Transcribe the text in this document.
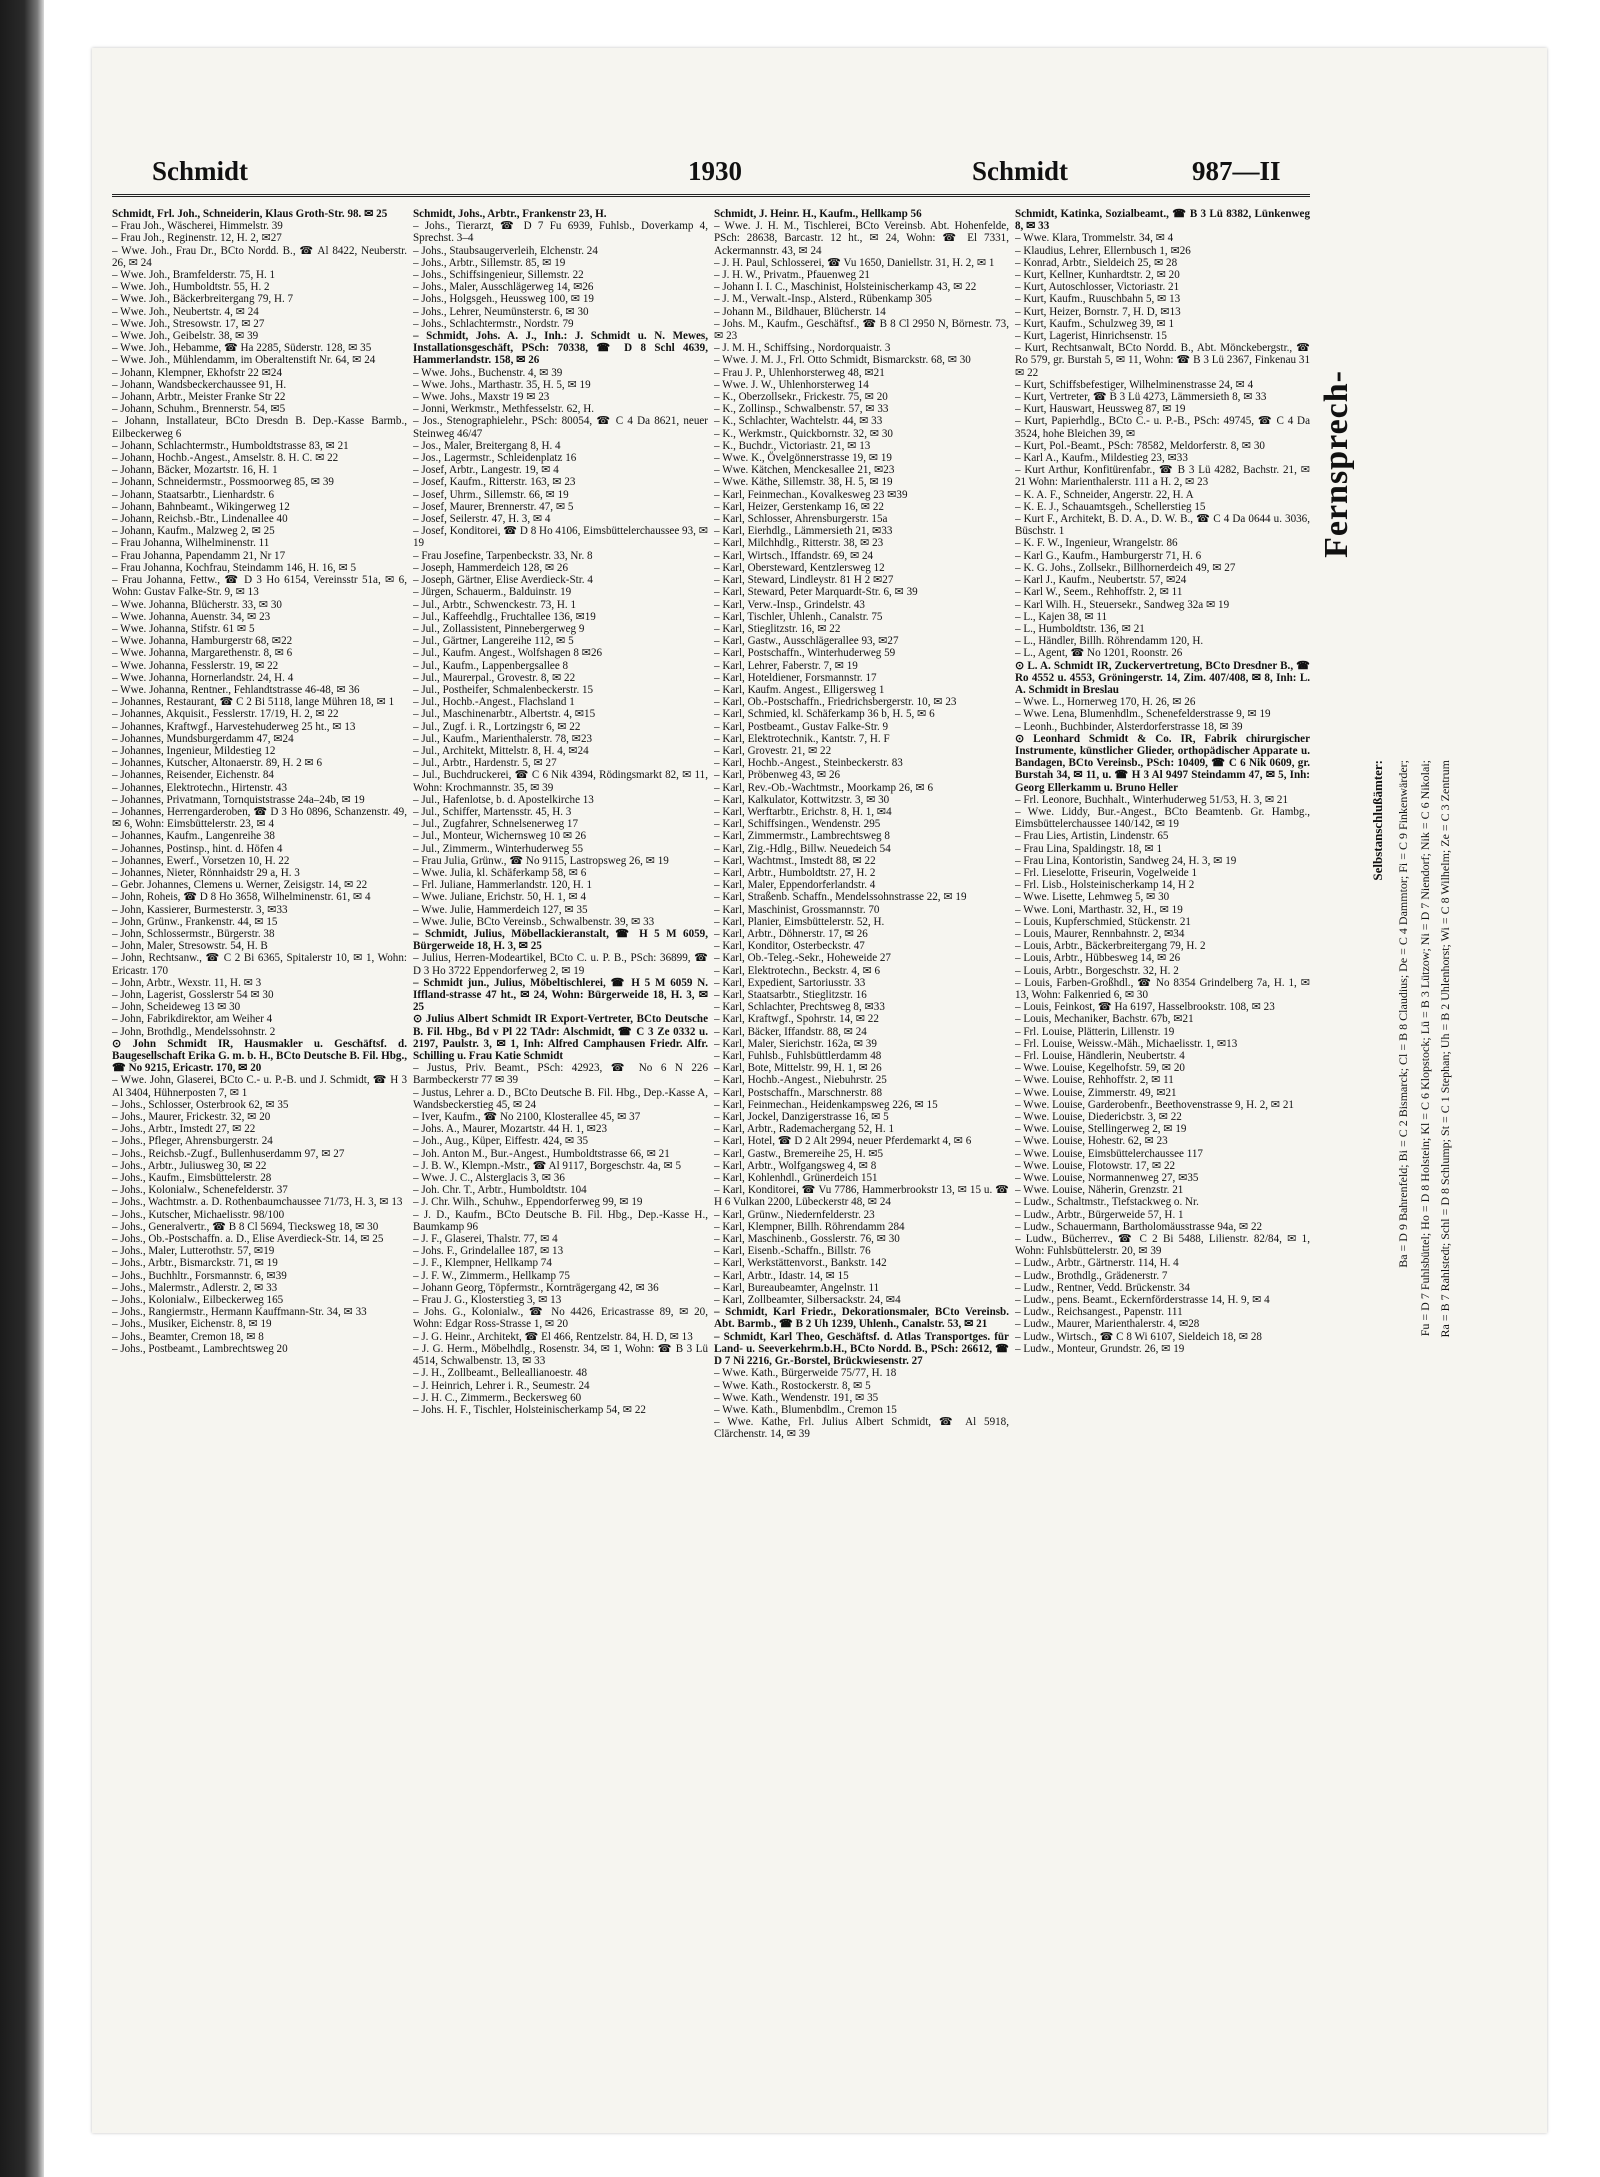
Schmidt	1930	Schmidt	987—II

Schmidt, Frl. Joh., Schneiderin, Klaus Groth-Str. 98. ✉ 25

– Frau Joh., Wäscherei, Himmelstr. 39

– Frau Joh., Reginenstr. 12, H. 2, ✉27

– Wwe. Joh., Frau Dr., BCto Nordd. B., ☎ Al 8422, Neuberstr. 26, ✉ 24

– Wwe. Joh., Bramfelderstr. 75, H. 1

– Wwe. Joh., Humboldtstr. 55, H. 2

– Wwe. Joh., Bäckerbreitergang 79, H. 7

– Wwe. Joh., Neubertstr. 4, ✉ 24

– Wwe. Joh., Stresowstr. 17, ✉ 27

– Wwe. Joh., Geibelstr. 38, ✉ 39

– Wwe. Joh., Hebamme, ☎ Ha 2285, Süderstr. 128, ✉ 35

– Wwe. Joh., Mühlendamm, im Oberaltenstift Nr. 64, ✉ 24

– Johann, Klempner, Ekhofstr 22 ✉24

– Johann, Wandsbeckerchaussee 91, H.

– Johann, Arbtr., Meister Franke Str 22

– Johann, Schuhm., Brennerstr. 54, ✉5

– Johann, Installateur, BCto Dresdn B. Dep.-Kasse Barmb., Eilbeckerweg 6

– Johann, Schlachtermstr., Humboldtstrasse 83, ✉ 21

– Johann, Hochb.-Angest., Amselstr. 8. H. C. ✉ 22

– Johann, Bäcker, Mozartstr. 16, H. 1

– Johann, Schneidermstr., Possmoorweg 85, ✉ 39

– Johann, Staatsarbtr., Lienhardstr. 6

– Johann, Bahnbeamt., Wikingerweg 12

– Johann, Reichsb.-Btr., Lindenallee 40

– Johann, Kaufm., Malzweg 2, ✉ 25

– Frau Johanna, Wilhelminenstr. 11

– Frau Johanna, Papendamm 21, Nr 17

– Frau Johanna, Kochfrau, Steindamm 146, H. 16, ✉ 5

– Frau Johanna, Fettw., ☎ D 3 Ho 6154, Vereinsstr 51a, ✉ 6, Wohn: Gustav Falke-Str. 9, ✉ 13

– Wwe. Johanna, Blücherstr. 33, ✉ 30

– Wwe. Johanna, Auenstr. 34, ✉ 23

– Wwe. Johanna, Stifstr. 61 ✉ 5

– Wwe. Johanna, Hamburgerstr 68, ✉22

– Wwe. Johanna, Margarethenstr. 8, ✉ 6

– Wwe. Johanna, Fesslerstr. 19, ✉ 22

– Wwe. Johanna, Hornerlandstr. 24, H. 4

– Wwe. Johanna, Rentner., Fehlandtstrasse 46-48, ✉ 36

– Johannes, Restaurant, ☎ C 2 Bi 5118, lange Mühren 18, ✉ 1

– Johannes, Akquisit., Fesslerstr. 17/19, H. 2, ✉ 22

– Johannes, Kraftwgf., Harvestehuderweg 25 ht., ✉ 13

– Johannes, Mundsburgerdamm 47, ✉24

– Johannes, Ingenieur, Mildestieg 12

– Johannes, Kutscher, Altonaerstr. 89, H. 2 ✉ 6

– Johannes, Reisender, Eichenstr. 84

– Johannes, Elektrotechn., Hirtenstr. 43

– Johannes, Privatmann, Tornquiststrasse 24a–24b, ✉ 19

– Johannes, Herrengarderoben, ☎ D 3 Ho 0896, Schanzenstr. 49, ✉ 6, Wohn: Eimsbüttelerstr. 23, ✉ 4

– Johannes, Kaufm., Langenreihe 38

– Johannes, Postinsp., hint. d. Höfen 4

– Johannes, Ewerf., Vorsetzen 10, H. 22

– Johannes, Nieter, Rönnhaidstr 29 a, H. 3

– Gebr. Johannes, Clemens u. Werner, Zeisigstr. 14, ✉ 22

– John, Roheis, ☎ D 8 Ho 3658, Wilhelminenstr. 61, ✉ 4

– John, Kassierer, Burmesterstr. 3, ✉33

– John, Grünw., Frankenstr. 44, ✉ 15

– John, Schlossermstr., Bürgerstr. 38

– John, Maler, Stresowstr. 54, H. B

– John, Rechtsanw., ☎ C 2 Bi 6365, Spitalerstr 10, ✉ 1, Wohn: Ericastr. 170

– John, Arbtr., Wexstr. 11, H. ✉ 3

– John, Lagerist, Gosslerstr 54 ✉ 30

– John, Scheideweg 13 ✉ 30

– John, Fabrikdirektor, am Weiher 4

– John, Brothdlg., Mendelssohnstr. 2

⊙ John Schmidt IR, Hausmakler u. Geschäftsf. d. Baugesellschaft Erika G. m. b. H., BCto Deutsche B. Fil. Hbg., ☎ No 9215, Ericastr. 170, ✉ 20

– Wwe. John, Glaserei, BCto C.- u. P.-B. und J. Schmidt, ☎ H 3 Al 3404, Hühnerposten 7, ✉ 1

– Johs., Schlosser, Osterbrook 62, ✉ 35

– Johs., Maurer, Frickestr. 32, ✉ 20

– Johs., Arbtr., Imstedt 27, ✉ 22

– Johs., Pfleger, Ahrensburgerstr. 24

– Johs., Reichsb.-Zugf., Bullenhuserdamm 97, ✉ 27

– Johs., Arbtr., Juliusweg 30, ✉ 22

– Johs., Kaufm., Eimsbüttelerstr. 28

– Johs., Kolonialw., Schenefelderstr. 37

– Johs., Wachtmstr. a. D. Rothenbaumchaussee 71/73, H. 3, ✉ 13

– Johs., Kutscher, Michaelisstr. 98/100

– Johs., Generalvertr., ☎ B 8 Cl 5694, Tiecksweg 18, ✉ 30

– Johs., Ob.-Postschaffn. a. D., Elise Averdieck-Str. 14, ✉ 25

– Johs., Maler, Lutterothstr. 57, ✉19

– Johs., Arbtr., Bismarckstr. 71, ✉ 19

– Johs., Buchhltr., Forsmannstr. 6, ✉39

– Johs., Malermstr., Adlerstr. 2, ✉ 33

– Johs., Kolonialw., Eilbeckerweg 165

– Johs., Rangiermstr., Hermann Kauffmann-Str. 34, ✉ 33

– Johs., Musiker, Eichenstr. 8, ✉ 19

– Johs., Beamter, Cremon 18, ✉ 8

– Johs., Postbeamt., Lambrechtsweg 20

Schmidt, Johs., Arbtr., Frankenstr 23, H.

– Johs., Tierarzt, ☎ D 7 Fu 6939, Fuhlsb., Doverkamp 4, Sprechst. 3–4

– Johs., Staubsaugerverleih, Elchenstr. 24

– Johs., Arbtr., Sillemstr. 85, ✉ 19

– Johs., Schiffsingenieur, Sillemstr. 22

– Johs., Maler, Ausschlägerweg 14, ✉26

– Johs., Holgsgeh., Heussweg 100, ✉ 19

– Johs., Lehrer, Neumünsterstr. 6, ✉ 30

– Johs., Schlachtermstr., Nordstr. 79

– Schmidt, Johs. A. J., Inh.: J. Schmidt u. N. Mewes, Installationsgeschäft, PSch: 70338, ☎ D 8 Schl 4639, Hammerlandstr. 158, ✉ 26

– Wwe. Johs., Buchenstr. 4, ✉ 39

– Wwe. Johs., Marthastr. 35, H. 5, ✉ 19

– Wwe. Johs., Maxstr 19 ✉ 23

– Jonni, Werkmstr., Methfesselstr. 62, H.

– Jos., Stenographielehr., PSch: 80054, ☎ C 4 Da 8621, neuer Steinweg 46/47

– Jos., Maler, Breitergang 8, H. 4

– Jos., Lagermstr., Schleidenplatz 16

– Josef, Arbtr., Langestr. 19, ✉ 4

– Josef, Kaufm., Ritterstr. 163, ✉ 23

– Josef, Uhrm., Sillemstr. 66, ✉ 19

– Josef, Maurer, Brennerstr. 47, ✉ 5

– Josef, Seilerstr. 47, H. 3, ✉ 4

– Josef, Konditorei, ☎ D 8 Ho 4106, Eimsbüttelerchaussee 93, ✉ 19

– Frau Josefine, Tarpenbeckstr. 33, Nr. 8

– Joseph, Hammerdeich 128, ✉ 26

– Joseph, Gärtner, Elise Averdieck-Str. 4

– Jürgen, Schauerm., Balduinstr. 19

– Jul., Arbtr., Schwenckestr. 73, H. 1

– Jul., Kaffeehdlg., Fruchtallee 136, ✉19

– Jul., Zollassistent, Pinnebergerweg 9

– Jul., Gärtner, Langereihe 112, ✉ 5

– Jul., Kaufm. Angest., Wolfshagen 8 ✉26

– Jul., Kaufm., Lappenbergsallee 8

– Jul., Maurerpal., Grovestr. 8, ✉ 22

– Jul., Postheifer, Schmalenbeckerstr. 15

– Jul., Hochb.-Angest., Flachsland 1

– Jul., Maschinenarbtr., Albertstr. 4, ✉15

– Jul., Zugf. i. R., Lortzingstr 6, ✉ 22

– Jul., Kaufm., Marienthalerstr. 78, ✉23

– Jul., Architekt, Mittelstr. 8, H. 4, ✉24

– Jul., Arbtr., Hardenstr. 5, ✉ 27

– Jul., Buchdruckerei, ☎ C 6 Nik 4394, Rödingsmarkt 82, ✉ 11, Wohn: Krochmannstr. 35, ✉ 39

– Jul., Hafenlotse, b. d. Apostelkirche 13

– Jul., Schiffer, Martensstr. 45, H. 3

– Jul., Zugfahrer, Schnelsenerweg 17

– Jul., Monteur, Wichernsweg 10 ✉ 26

– Jul., Zimmerm., Winterhuderweg 55

– Frau Julia, Grünw., ☎ No 9115, Lastropsweg 26, ✉ 19

– Wwe. Julia, kl. Schäferkamp 58, ✉ 6

– Frl. Juliane, Hammerlandstr. 120, H. 1

– Wwe. Juliane, Erichstr. 50, H. 1, ✉ 4

– Wwe. Julie, Hammerdeich 127, ✉ 35

– Wwe. Julie, BCto Vereinsb., Schwalbenstr. 39, ✉ 33

– Schmidt, Julius, Möbellackieranstalt, ☎ H 5 M 6059, Bürgerweide 18, H. 3, ✉ 25

– Julius, Herren-Modeartikel, BCto C. u. P. B., PSch: 36899, ☎ D 3 Ho 3722 Eppendorferweg 2, ✉ 19

– Schmidt jun., Julius, Möbeltischlerei, ☎ H 5 M 6059 N. Iffland-strasse 47 ht., ✉ 24, Wohn: Bürgerweide 18, H. 3, ✉ 25

⊙ Julius Albert Schmidt IR Export-Vertreter, BCto Deutsche B. Fil. Hbg., Bd v Pl 22 TAdr: Alschmidt, ☎ C 3 Ze 0332 u. 2197, Paulstr. 3, ✉ 1, Inh: Alfred Camphausen Friedr. Alfr. Schilling u. Frau Katie Schmidt

– Justus, Priv. Beamt., PSch: 42923, ☎ No 6 N 226 Barmbeckerstr 77 ✉ 39

– Justus, Lehrer a. D., BCto Deutsche B. Fil. Hbg., Dep.-Kasse A, Wandsbeckerstieg 45, ✉ 24

– Iver, Kaufm., ☎ No 2100, Klosterallee 45, ✉ 37

– Johs. A., Maurer, Mozartstr. 44 H. 1, ✉23

– Joh., Aug., Küper, Eiffestr. 424, ✉ 35

– Joh. Anton M., Bur.-Angest., Humboldtstrasse 66, ✉ 21

– J. B. W., Klempn.-Mstr., ☎ Al 9117, Borgeschstr. 4a, ✉ 5

– Wwe. J. C., Alsterglacis 3, ✉ 36

– Joh. Chr. T., Arbtr., Humboldtstr. 104

– J. Chr. Wilh., Schuhw., Eppendorferweg 99, ✉ 19

– J. D., Kaufm., BCto Deutsche B. Fil. Hbg., Dep.-Kasse H., Baumkamp 96

– J. F., Glaserei, Thalstr. 77, ✉ 4

– Johs. F., Grindelallee 187, ✉ 13

– J. F., Klempner, Hellkamp 74

– J. F. W., Zimmerm., Hellkamp 75

– Johann Georg, Töpfermstr., Kornträgergang 42, ✉ 36

– Frau J. G., Klosterstieg 3, ✉ 13

– Johs. G., Kolonialw., ☎ No 4426, Ericastrasse 89, ✉ 20, Wohn: Edgar Ross-Strasse 1, ✉ 20

– J. G. Heinr., Architekt, ☎ El 466, Rentzelstr. 84, H. D, ✉ 13

– J. G. Herm., Möbelhdlg., Rosenstr. 34, ✉ 1, Wohn: ☎ B 3 Lü 4514, Schwalbenstr. 13, ✉ 33

– J. H., Zollbeamt., Belleallianoestr. 48

– J. Heinrich, Lehrer i. R., Seumestr. 24

– J. H. C., Zimmerm., Beckersweg 60

– Johs. H. F., Tischler, Holsteinischerkamp 54, ✉ 22

Schmidt, J. Heinr. H., Kaufm., Hellkamp 56

– Wwe. J. H. M., Tischlerei, BCto Vereinsb. Abt. Hohenfelde, PSch: 28638, Barcastr. 12 ht., ✉ 24, Wohn: ☎ El 7331, Ackermannstr. 43, ✉ 24

– J. H. Paul, Schlosserei, ☎ Vu 1650, Daniellstr. 31, H. 2, ✉ 1

– J. H. W., Privatm., Pfauenweg 21

– Johann I. I. C., Maschinist, Holsteinischerkamp 43, ✉ 22

– J. M., Verwalt.-Insp., Alsterd., Rübenkamp 305

– Johann M., Bildhauer, Blücherstr. 14

– Johs. M., Kaufm., Geschäftsf., ☎ B 8 Cl 2950 N, Börnestr. 73, ✉ 23

– J. M. H., Schiffsing., Nordorquaistr. 3

– Wwe. J. M. J., Frl. Otto Schmidt, Bismarckstr. 68, ✉ 30

– Frau J. P., Uhlenhorsterweg 48, ✉21

– Wwe. J. W., Uhlenhorsterweg 14

– K., Oberzollsekr., Frickestr. 75, ✉ 20

– K., Zollinsp., Schwalbenstr. 57, ✉ 33

– K., Schlachter, Wachtelstr. 44, ✉ 33

– K., Werkmstr., Quickbornstr. 32, ✉ 30

– K., Buchdr., Victoriastr. 21, ✉ 13

– Wwe. K., Övelgönnerstrasse 19, ✉ 19

– Wwe. Kätchen, Menckesallee 21, ✉23

– Wwe. Käthe, Sillemstr. 38, H. 5, ✉ 19

– Karl, Feinmechan., Kovalkesweg 23 ✉39

– Karl, Heizer, Gerstenkamp 16, ✉ 22

– Karl, Schlosser, Ahrensburgerstr. 15a

– Karl, Eierhdlg., Lämmersieth 21, ✉33

– Karl, Milchhdlg., Ritterstr. 38, ✉ 23

– Karl, Wirtsch., Iffandstr. 69, ✉ 24

– Karl, Obersteward, Kentzlersweg 12

– Karl, Steward, Lindleystr. 81 H 2 ✉27

– Karl, Steward, Peter Marquardt-Str. 6, ✉ 39

– Karl, Verw.-Insp., Grindelstr. 43

– Karl, Tischler, Uhlenh., Canalstr. 75

– Karl, Stieglitzstr. 16, ✉ 22

– Karl, Gastw., Ausschlägerallee 93, ✉27

– Karl, Postschaffn., Winterhuderweg 59

– Karl, Lehrer, Faberstr. 7, ✉ 19

– Karl, Hoteldiener, Forsmannstr. 17

– Karl, Kaufm. Angest., Elligersweg 1

– Karl, Ob.-Postschaffn., Friedrichsbergerstr. 10, ✉ 23

– Karl, Schmied, kl. Schäferkamp 36 b, H. 5, ✉ 6

– Karl, Postbeamt., Gustav Falke-Str. 9

– Karl, Elektrotechnik., Kantstr. 7, H. F

– Karl, Grovestr. 21, ✉ 22

– Karl, Hochb.-Angest., Steinbeckerstr. 83

– Karl, Pröbenweg 43, ✉ 26

– Karl, Rev.-Ob.-Wachtmstr., Moorkamp 26, ✉ 6

– Karl, Kalkulator, Kottwitzstr. 3, ✉ 30

– Karl, Werftarbtr., Erichstr. 8, H. 1, ✉4

– Karl, Schiffsingen., Wendenstr. 295

– Karl, Zimmermstr., Lambrechtsweg 8

– Karl, Zig.-Hdlg., Billw. Neuedeich 54

– Karl, Wachtmst., Imstedt 88, ✉ 22

– Karl, Arbtr., Humboldtstr. 27, H. 2

– Karl, Maler, Eppendorferlandstr. 4

– Karl, Straßenb. Schaffn., Mendelssohnstrasse 22, ✉ 19

– Karl, Maschinist, Grossmannstr. 70

– Karl, Planier, Eimsbüttelerstr. 52, H.

– Karl, Arbtr., Döhnerstr. 17, ✉ 26

– Karl, Konditor, Osterbeckstr. 47

– Karl, Ob.-Teleg.-Sekr., Hoheweide 27

– Karl, Elektrotechn., Beckstr. 4, ✉ 6

– Karl, Expedient, Sartoriusstr. 33

– Karl, Staatsarbtr., Stieglitzstr. 16

– Karl, Schlachter, Prechtsweg 8, ✉33

– Karl, Kraftwgf., Spohrstr. 14, ✉ 22

– Karl, Bäcker, Iffandstr. 88, ✉ 24

– Karl, Maler, Sierichstr. 162a, ✉ 39

– Karl, Fuhlsb., Fuhlsbüttlerdamm 48

– Karl, Bote, Mittelstr. 99, H. 1, ✉ 26

– Karl, Hochb.-Angest., Niebuhrstr. 25

– Karl, Postschaffn., Marschnerstr. 88

– Karl, Feinmechan., Heidenkampsweg 226, ✉ 15

– Karl, Jockel, Danzigerstrasse 16, ✉ 5

– Karl, Arbtr., Rademachergang 52, H. 1

– Karl, Hotel, ☎ D 2 Alt 2994, neuer Pferdemarkt 4, ✉ 6

– Karl, Gastw., Bremereihe 25, H. ✉5

– Karl, Arbtr., Wolfgangsweg 4, ✉ 8

– Karl, Kohlenhdl., Grünerdeich 151

– Karl, Konditorei, ☎ Vu 7786, Hammerbrookstr 13, ✉ 15 u. ☎ H 6 Vulkan 2200, Lübeckerstr 48, ✉ 24

– Karl, Grünw., Niedernfelderstr. 23

– Karl, Klempner, Billh. Röhrendamm 284

– Karl, Maschinenb., Gosslerstr. 76, ✉ 30

– Karl, Eisenb.-Schaffn., Billstr. 76

– Karl, Werkstättenvorst., Bankstr. 142

– Karl, Arbtr., Idastr. 14, ✉ 15

– Karl, Bureaubeamter, Angelnstr. 11

– Karl, Zollbeamter, Silbersackstr. 24, ✉4

– Schmidt, Karl Friedr., Dekorationsmaler, BCto Vereinsb. Abt. Barmb., ☎ B 2 Uh 1239, Uhlenh., Canalstr. 53, ✉ 21

– Schmidt, Karl Theo, Geschäftsf. d. Atlas Transportges. für Land- u. Seeverkehrm.b.H., BCto Nordd. B., PSch: 26612, ☎ D 7 Ni 2216, Gr.-Borstel, Brückwiesenstr. 27

– Wwe. Kath., Bürgerweide 75/77, H. 18

– Wwe. Kath., Rostockerstr. 8, ✉ 5

– Wwe. Kath., Wendenstr. 191, ✉ 35

– Wwe. Kath., Blumenbdlm., Cremon 15

– Wwe. Kathe, Frl. Julius Albert Schmidt, ☎ Al 5918, Clärchenstr. 14, ✉ 39

Schmidt, Katinka, Sozialbeamt., ☎ B 3 Lü 8382, Lünkenweg 8, ✉ 33

– Wwe. Klara, Trommelstr. 34, ✉ 4

– Klaudius, Lehrer, Ellernbusch 1, ✉26

– Konrad, Arbtr., Sieldeich 25, ✉ 28

– Kurt, Kellner, Kunhardtstr. 2, ✉ 20

– Kurt, Autoschlosser, Victoriastr. 21

– Kurt, Kaufm., Ruuschbahn 5, ✉ 13

– Kurt, Heizer, Bornstr. 7, H. D, ✉13

– Kurt, Kaufm., Schulzweg 39, ✉ 1

– Kurt, Lagerist, Hinrichsenstr. 15

– Kurt, Rechtsanwalt, BCto Nordd. B., Abt. Mönckebergstr., ☎ Ro 579, gr. Burstah 5, ✉ 11, Wohn: ☎ B 3 Lü 2367, Finkenau 31 ✉ 22

– Kurt, Schiffsbefestiger, Wilhelminenstrasse 24, ✉ 4

– Kurt, Vertreter, ☎ B 3 Lü 4273, Lämmersieth 8, ✉ 33

– Kurt, Hauswart, Heussweg 87, ✉ 19

– Kurt, Papierhdlg., BCto C.- u. P.-B., PSch: 49745, ☎ C 4 Da 3524, hohe Bleichen 39, ✉

– Kurt, Pol.-Beamt., PSch: 78582, Meldorferstr. 8, ✉ 30

– Karl A., Kaufm., Mildestieg 23, ✉33

– Kurt Arthur, Konfitürenfabr., ☎ B 3 Lü 4282, Bachstr. 21, ✉ 21 Wohn: Marienthalerstr. 111 a H. 2, ✉ 23

– K. A. F., Schneider, Angerstr. 22, H. A

– K. E. J., Schauamtsgeh., Schellerstieg 15

– Kurt F., Architekt, B. D. A., D. W. B., ☎ C 4 Da 0644 u. 3036, Büschstr. 1

– K. F. W., Ingenieur, Wrangelstr. 86

– Karl G., Kaufm., Hamburgerstr 71, H. 6

– K. G. Johs., Zollsekr., Billhornerdeich 49, ✉ 27

– Karl J., Kaufm., Neubertstr. 57, ✉24

– Karl W., Seem., Rehhoffstr. 2, ✉ 11

– Karl Wilh. H., Steuersekr., Sandweg 32a ✉ 19

– L., Kajen 38, ✉ 11

– L., Humboldtstr. 136, ✉ 21

– L., Händler, Billh. Röhrendamm 120, H.

– L., Agent, ☎ No 1201, Roonstr. 26

⊙ L. A. Schmidt IR, Zuckervertretung, BCto Dresdner B., ☎ Ro 4552 u. 4553, Gröningerstr. 14, Zim. 407/408, ✉ 8, Inh: L. A. Schmidt in Breslau

– Wwe. L., Hornerweg 170, H. 26, ✉ 26

– Wwe. Lena, Blumenhdlm., Schenefelderstrasse 9, ✉ 19

– Leonh., Buchbinder, Alsterdorferstrasse 18, ✉ 39

⊙ Leonhard Schmidt & Co. IR, Fabrik chirurgischer Instrumente, künstlicher Glieder, orthopädischer Apparate u. Bandagen, BCto Vereinsb., PSch: 10409, ☎ C 6 Nik 0609, gr. Burstah 34, ✉ 11, u. ☎ H 3 Al 9497 Steindamm 47, ✉ 5, Inh: Georg Ellerkamm u. Bruno Heller

– Frl. Leonore, Buchhalt., Winterhuderweg 51/53, H. 3, ✉ 21

– Wwe. Liddy, Bur.-Angest., BCto Beamtenb. Gr. Hambg., Eimsbüttelerchaussee 140/142, ✉ 19

– Frau Lies, Artistin, Lindenstr. 65

– Frau Lina, Spaldingstr. 18, ✉ 1

– Frau Lina, Kontoristin, Sandweg 24, H. 3, ✉ 19

– Frl. Lieselotte, Friseurin, Vogelweide 1

– Frl. Lisb., Holsteinischerkamp 14, H 2

– Wwe. Lisette, Lehmweg 5, ✉ 30

– Wwe. Loni, Marthastr. 32, H., ✉ 19

– Louis, Kupferschmied, Stückenstr. 21

– Louis, Maurer, Rennbahnstr. 2, ✉34

– Louis, Arbtr., Bäckerbreitergang 79, H. 2

– Louis, Arbtr., Hübbesweg 14, ✉ 26

– Louis, Arbtr., Borgeschstr. 32, H. 2

– Louis, Farben-Großhdl., ☎ No 8354 Grindelberg 7a, H. 1, ✉ 13, Wohn: Falkenried 6, ✉ 30

– Louis, Feinkost, ☎ Ha 6197, Hasselbrookstr. 108, ✉ 23

– Louis, Mechaniker, Bachstr. 67b, ✉21

– Frl. Louise, Plätterin, Lillenstr. 19

– Frl. Louise, Weissw.-Mäh., Michaelisstr. 1, ✉13

– Frl. Louise, Händlerin, Neubertstr. 4

– Wwe. Louise, Kegelhofstr. 59, ✉ 20

– Wwe. Louise, Rehhoffstr. 2, ✉ 11

– Wwe. Louise, Zimmerstr. 49, ✉21

– Wwe. Louise, Garderobenfr., Beethovenstrasse 9, H. 2, ✉ 21

– Wwe. Louise, Diedericbstr. 3, ✉ 22

– Wwe. Louise, Stellingerweg 2, ✉ 19

– Wwe. Louise, Hohestr. 62, ✉ 23

– Wwe. Louise, Eimsbüttelerchaussee 117

– Wwe. Louise, Flotowstr. 17, ✉ 22

– Wwe. Louise, Normannenweg 27, ✉35

– Wwe. Louise, Näherin, Grenzstr. 21

– Ludw., Schaltmstr., Tiefstackweg o. Nr.

– Ludw., Arbtr., Bürgerweide 57, H. 1

– Ludw., Schauermann, Bartholomäusstrasse 94a, ✉ 22

– Ludw., Bücherrev., ☎ C 2 Bi 5488, Lilienstr. 82/84, ✉ 1, Wohn: Fuhlsbüttelerstr. 20, ✉ 39

– Ludw., Arbtr., Gärtnerstr. 114, H. 4

– Ludw., Brothdlg., Grädenerstr. 7

– Ludw., Rentner, Vedd. Brückenstr. 34

– Ludw., pens. Beamt., Eckernförderstrasse 14, H. 9, ✉ 4

– Ludw., Reichsangest., Papenstr. 111

– Ludw., Maurer, Marienthalerstr. 4, ✉28

– Ludw., Wirtsch., ☎ C 8 Wi 6107, Sieldeich 18, ✉ 28

– Ludw., Monteur, Grundstr. 26, ✉ 19

Fernsprech-
Selbstanschlußämter: Ba = D 9 Bahrenfeld; Bi = C 2 Bismarck; Cl = B 8 Claudius; De = C 4 Dammtor; Fi = C 9 Finkenwärder; Fu = D 7 Fuhlsbüttel; Ho = D 8 Holstein; Kl = C 6 Klopstock; Lü = B 3 Lützow; Ni = D 7 Niendorf; Nik = C 6 Nikolai; Ra = B 7 Rahlstedt; Schl = D 8 Schlump; St = C 1 Stephan; Uh = B 2 Uhlenhorst; Wi = C 8 Wilhelm; Ze = C 3 Zentrum
